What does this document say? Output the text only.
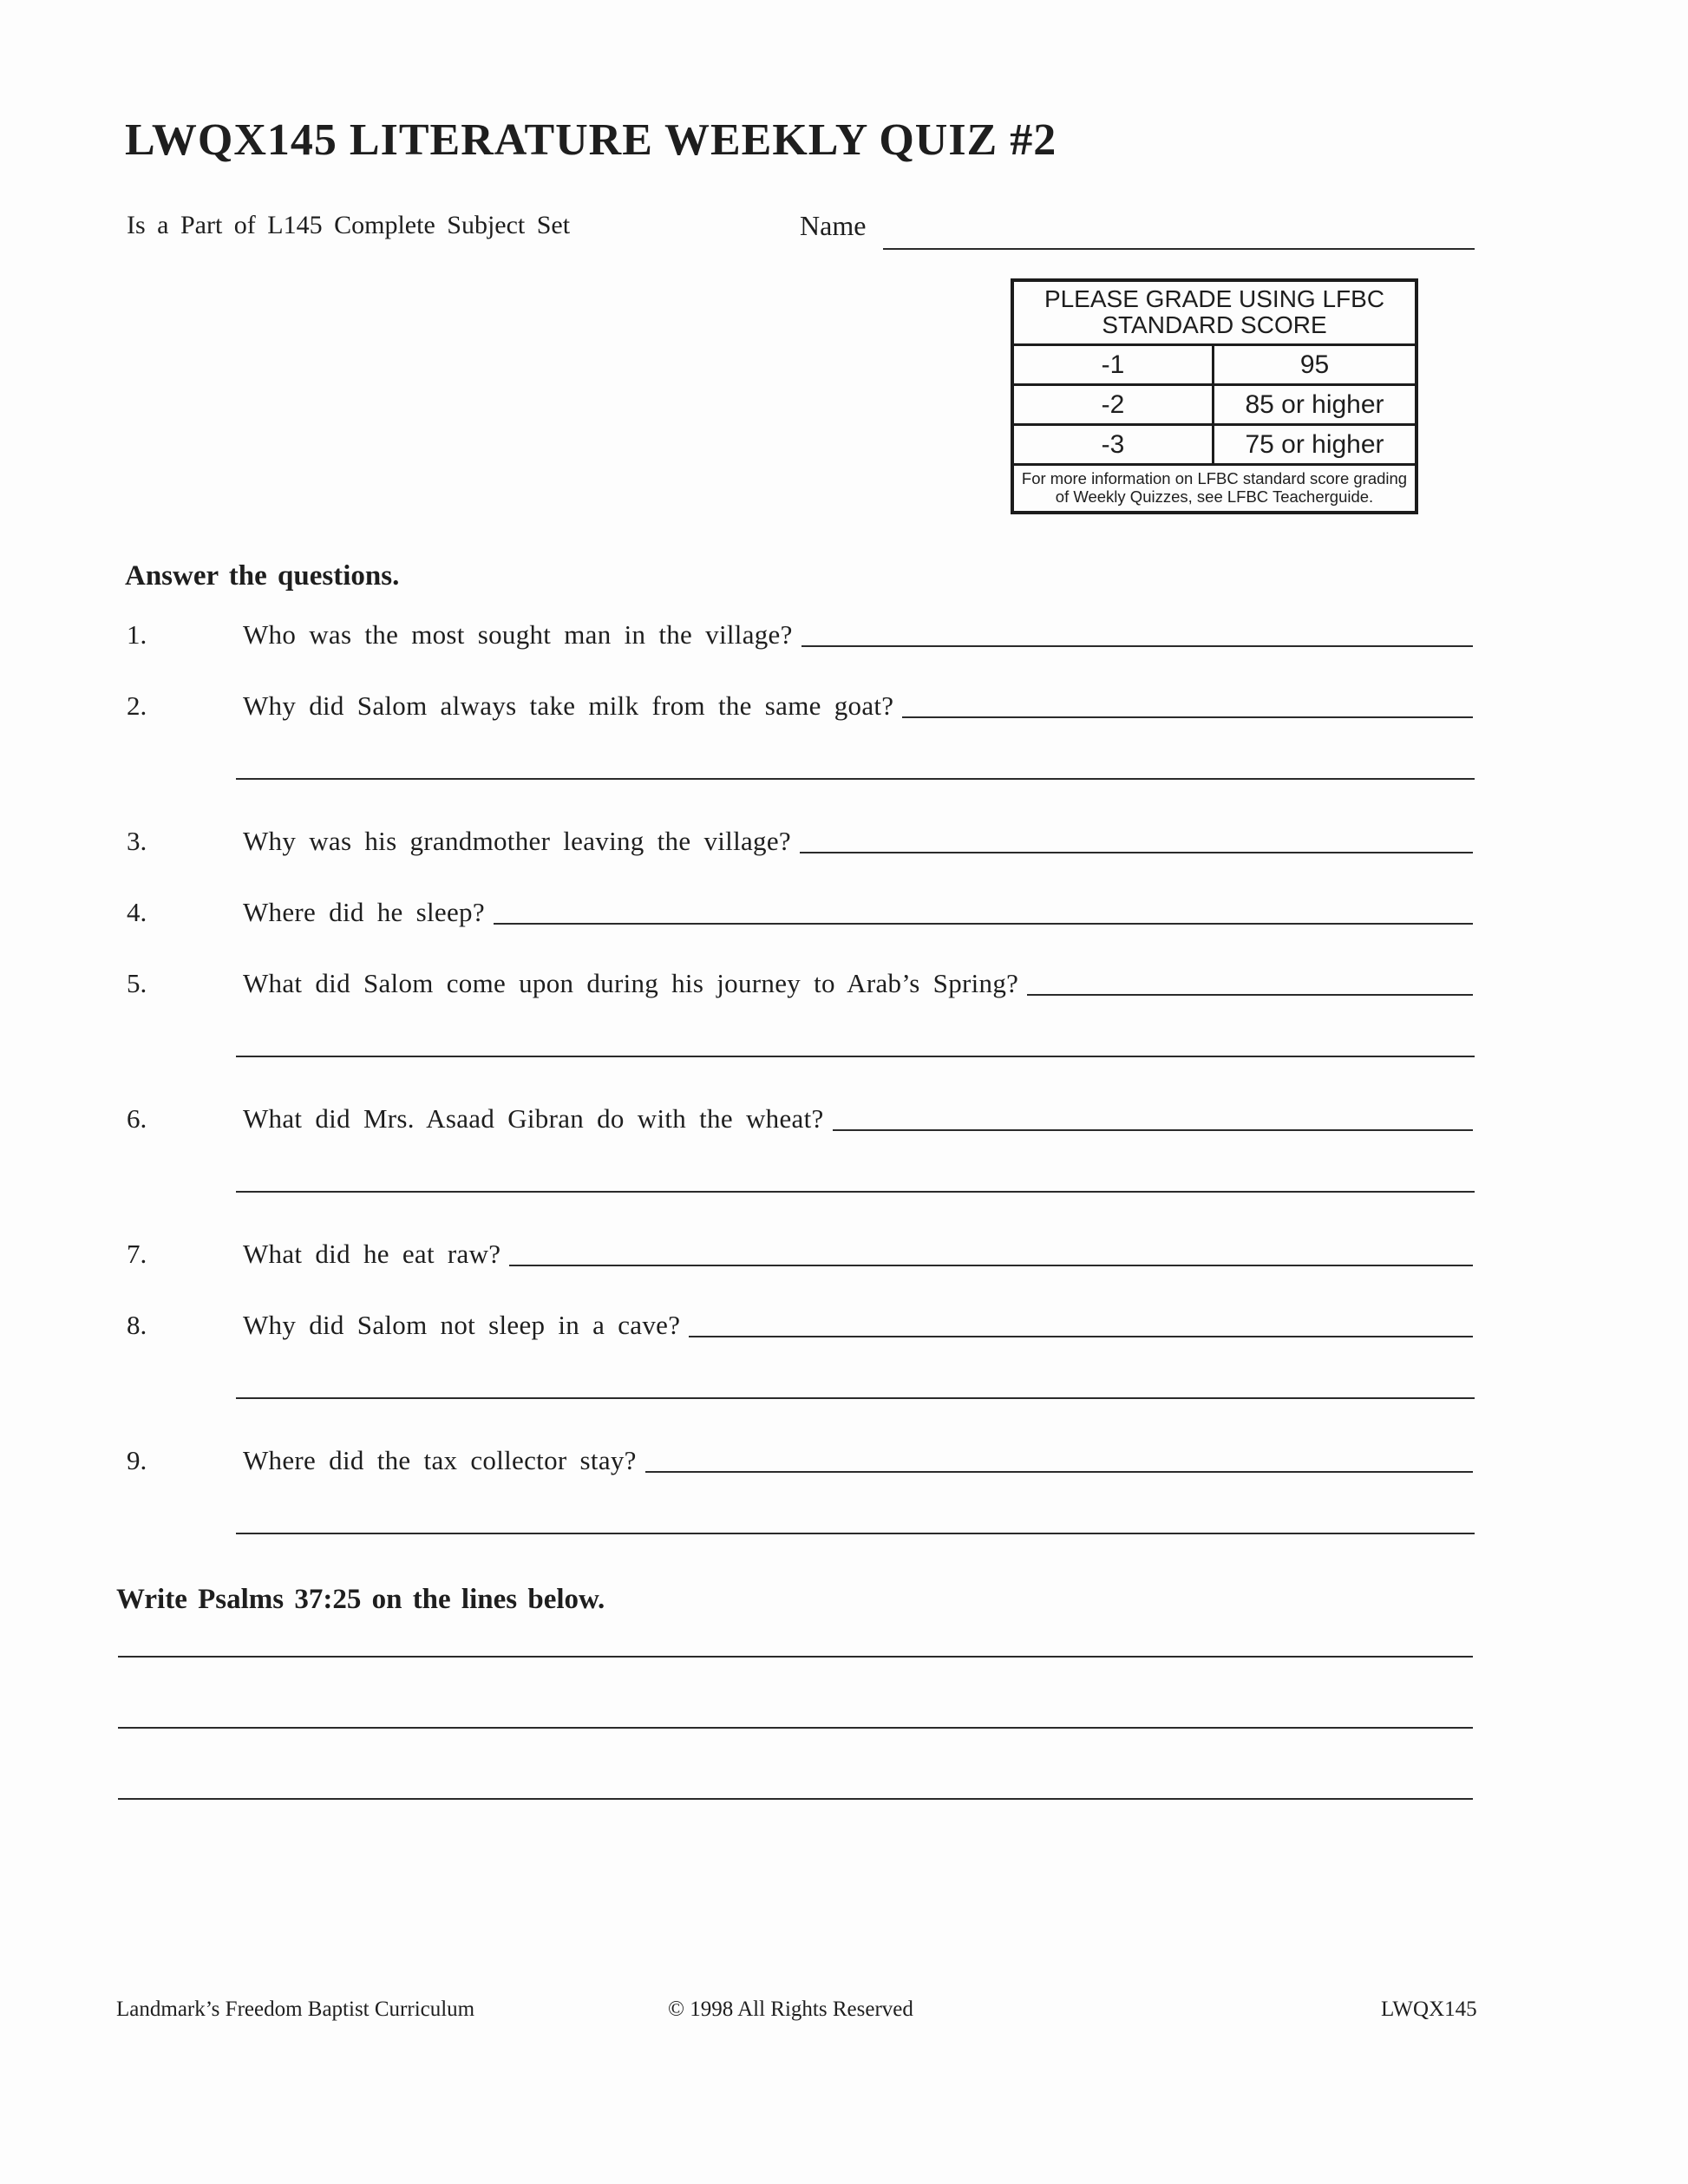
LWQX145 LITERATURE WEEKLY QUIZ #2
Is a Part of L145 Complete Subject Set	Name
PLEASE GRADE USING LFBC STANDARD SCORE
-1	95
-2	85 or higher
-3	75 or higher
For more information on LFBC standard score grading of Weekly Quizzes, see LFBC Teacherguide.
Answer the questions.
1.	Who was the most sought man in the village?
2.	Why did Salom always take milk from the same goat?
3.	Why was his grandmother leaving the village?
4.	Where did he sleep?
5.	What did Salom come upon during his journey to Arab’s Spring?
6.	What did Mrs. Asaad Gibran do with the wheat?
7.	What did he eat raw?
8.	Why did Salom not sleep in a cave?
9.	Where did the tax collector stay?
Write Psalms 37:25 on the lines below.
Landmark’s Freedom Baptist Curriculum	© 1998 All Rights Reserved	LWQX145
